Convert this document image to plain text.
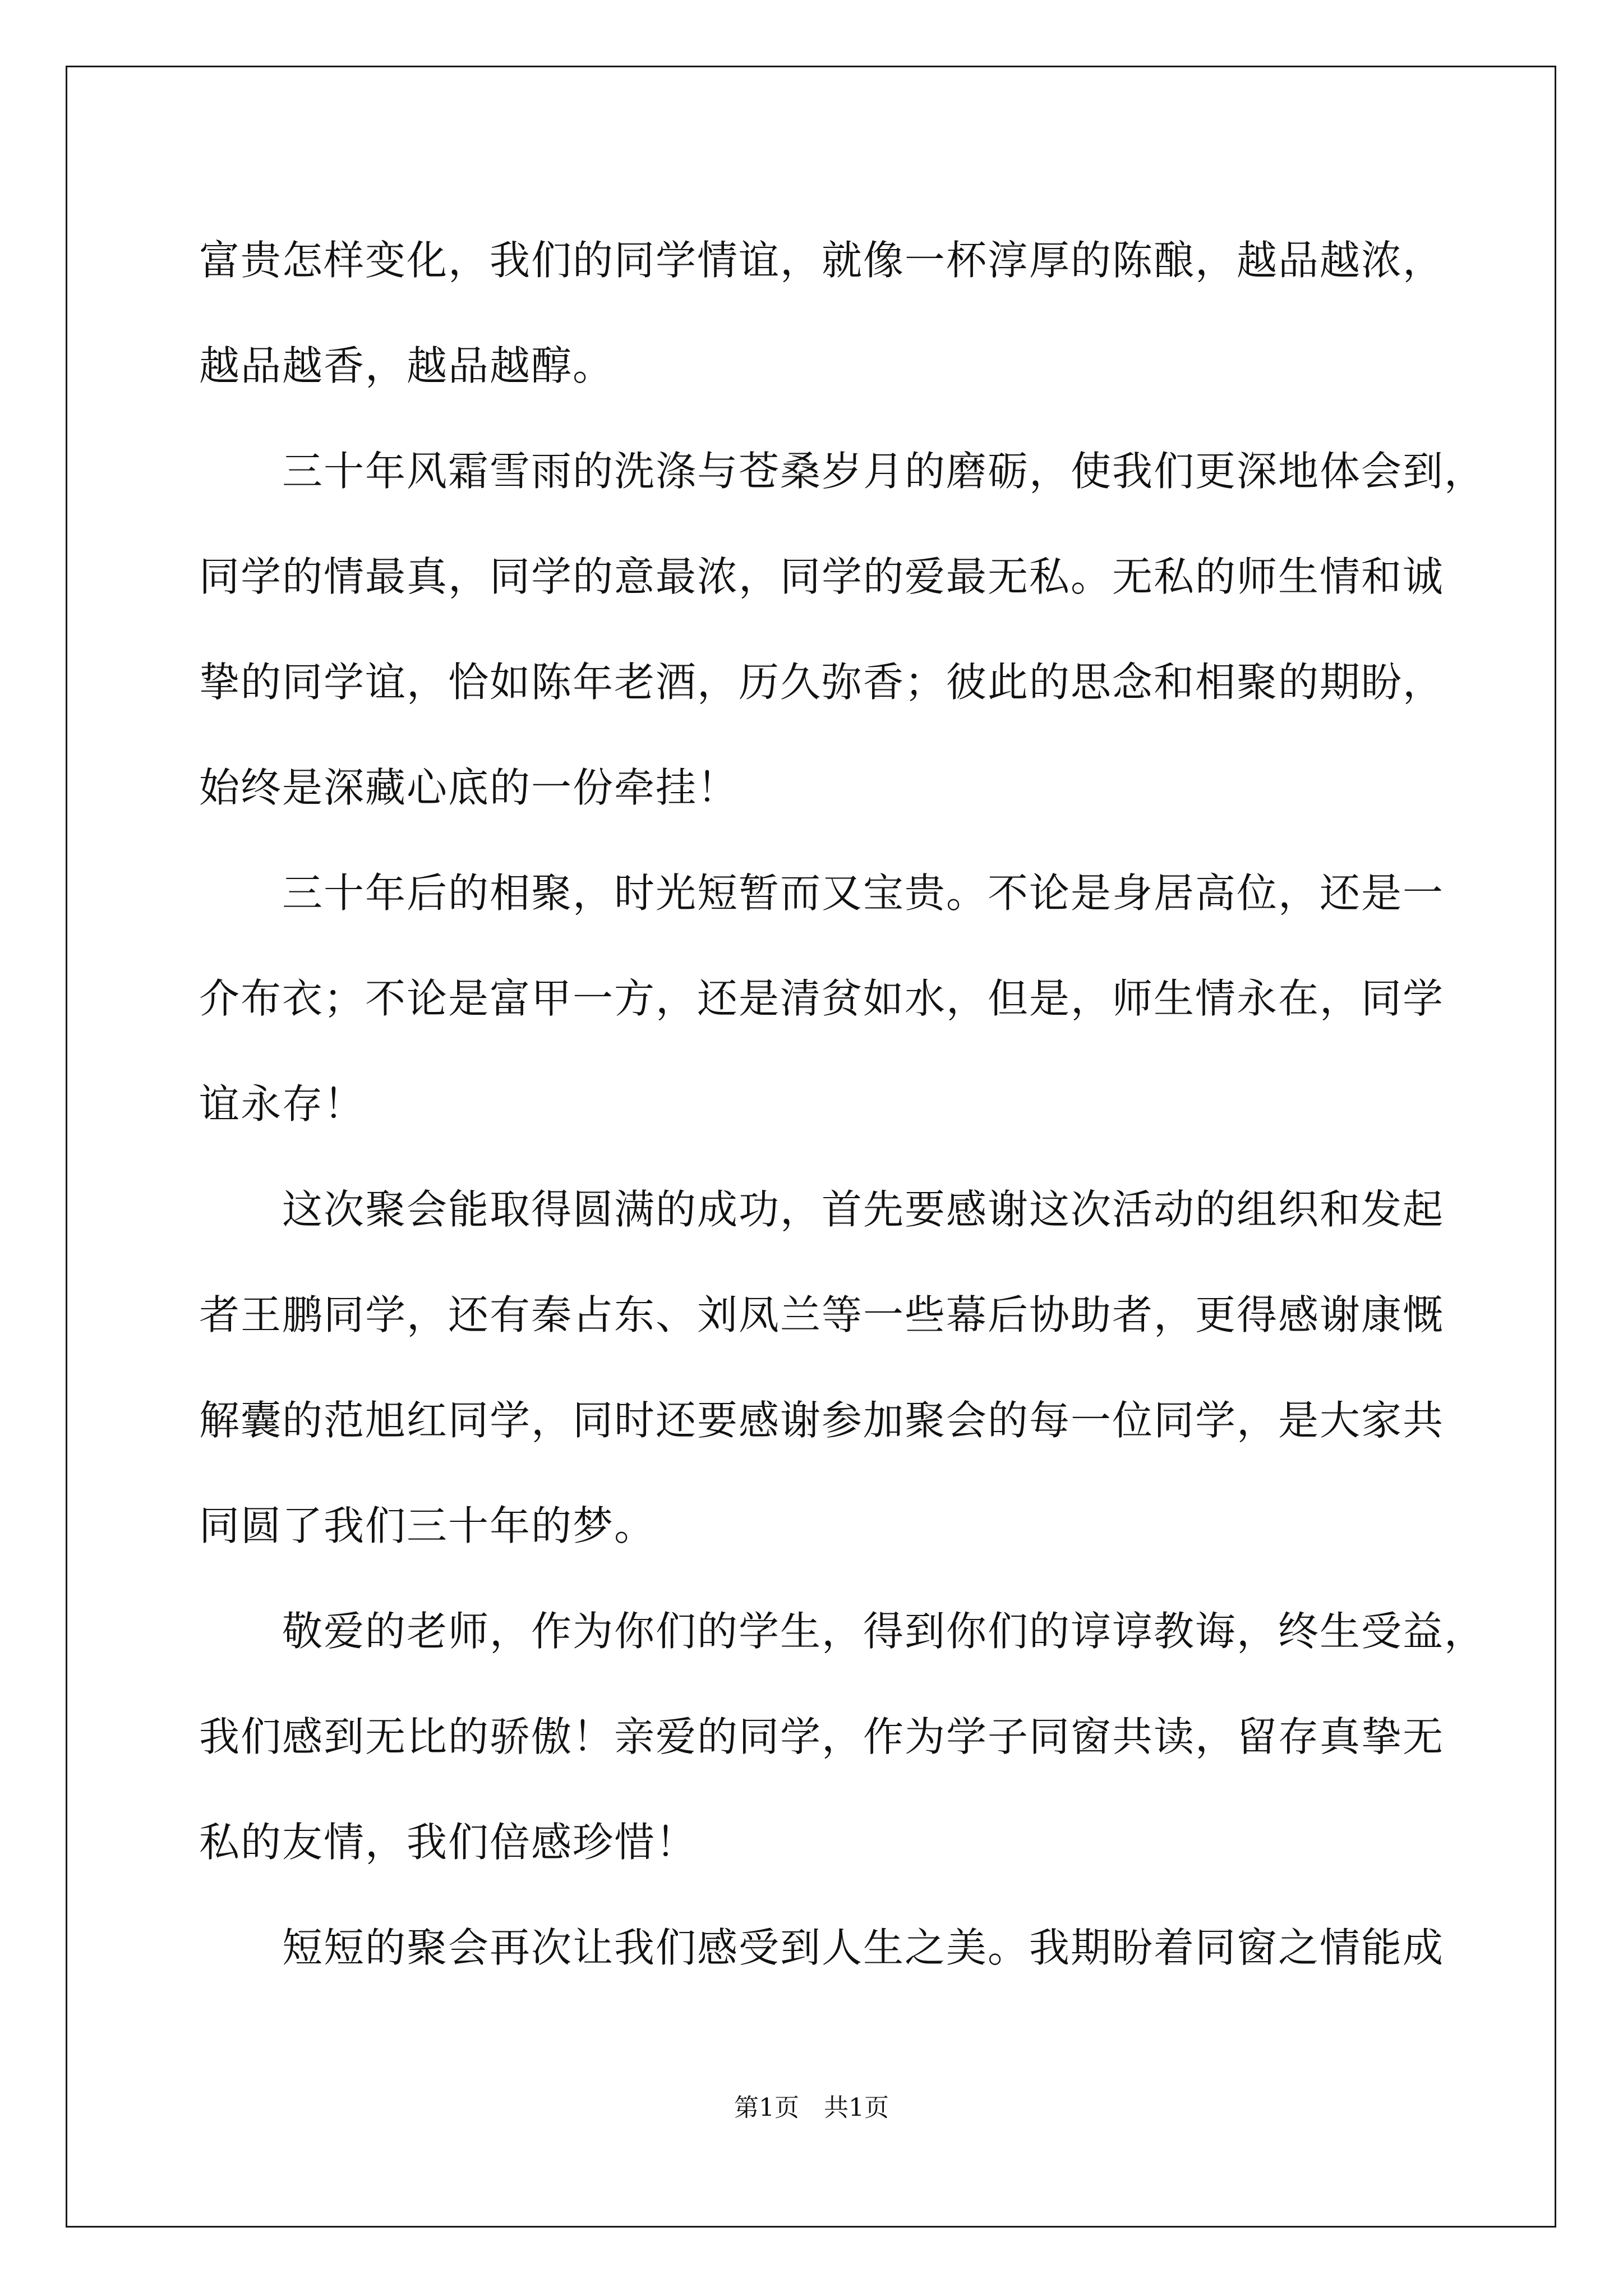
富贵怎样变化，我们的同学情谊，就像一杯淳厚的陈酿，越品越浓，

越品越香，越品越醇。

三十年风霜雪雨的洗涤与苍桑岁月的磨砺，使我们更深地体会到，

同学的情最真，同学的意最浓，同学的爱最无私。无私的师生情和诚

挚的同学谊，恰如陈年老酒，历久弥香；彼此的思念和相聚的期盼，

始终是深藏心底的一份牵挂！

三十年后的相聚，时光短暂而又宝贵。不论是身居高位，还是一

介布衣；不论是富甲一方，还是清贫如水，但是，师生情永在，同学

谊永存！

这次聚会能取得圆满的成功，首先要感谢这次活动的组织和发起

者王鹏同学，还有秦占东、刘凤兰等一些幕后协助者，更得感谢康慨

解囊的范旭红同学，同时还要感谢参加聚会的每一位同学，是大家共

同圆了我们三十年的梦。

敬爱的老师，作为你们的学生，得到你们的谆谆教诲，终生受益，

我们感到无比的骄傲！亲爱的同学，作为学子同窗共读，留存真挚无

私的友情，我们倍感珍惜！

短短的聚会再次让我们感受到人生之美。我期盼着同窗之情能成

第1页 共1页
